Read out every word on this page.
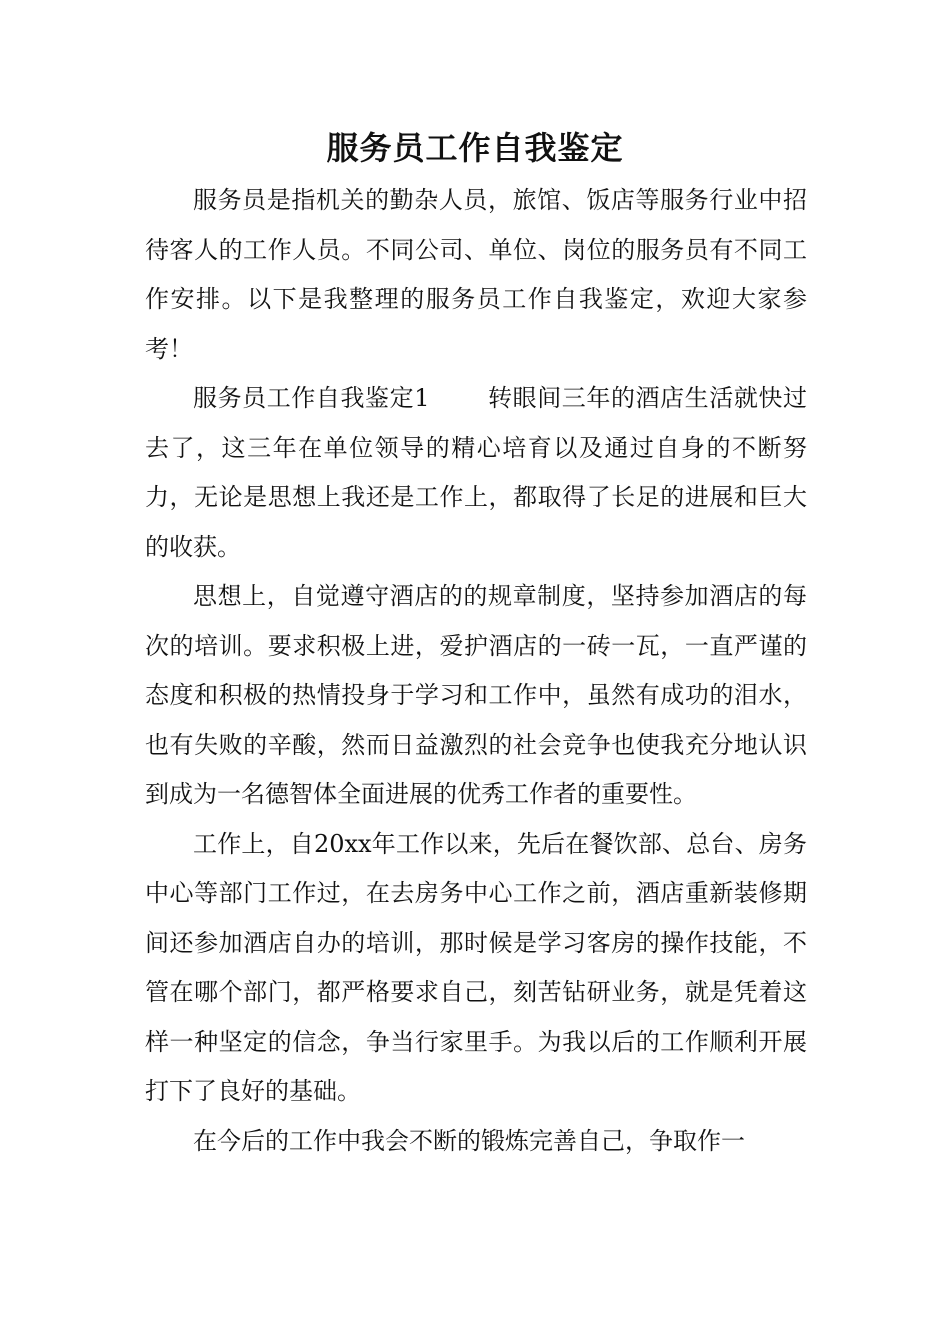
服务员工作自我鉴定

服务员是指机关的勤杂人员，旅馆、饭店等服务行业中招待客人的工作人员。不同公司、单位、岗位的服务员有不同工作安排。以下是我整理的服务员工作自我鉴定，欢迎大家参考！

服务员工作自我鉴定1 转眼间三年的酒店生活就快过去了，这三年在单位领导的精心培育以及通过自身的不断努力，无论是思想上我还是工作上，都取得了长足的进展和巨大的收获。

思想上，自觉遵守酒店的的规章制度，坚持参加酒店的每次的培训。要求积极上进，爱护酒店的一砖一瓦，一直严谨的态度和积极的热情投身于学习和工作中，虽然有成功的泪水，也有失败的辛酸，然而日益激烈的社会竞争也使我充分地认识到成为一名德智体全面进展的优秀工作者的重要性。

工作上，自20xx年工作以来，先后在餐饮部、总台、房务中心等部门工作过，在去房务中心工作之前，酒店重新装修期间还参加酒店自办的培训，那时候是学习客房的操作技能，不管在哪个部门，都严格要求自己，刻苦钻研业务，就是凭着这样一种坚定的信念，争当行家里手。为我以后的工作顺利开展打下了良好的基础。

在今后的工作中我会不断的锻炼完善自己，争取作一
